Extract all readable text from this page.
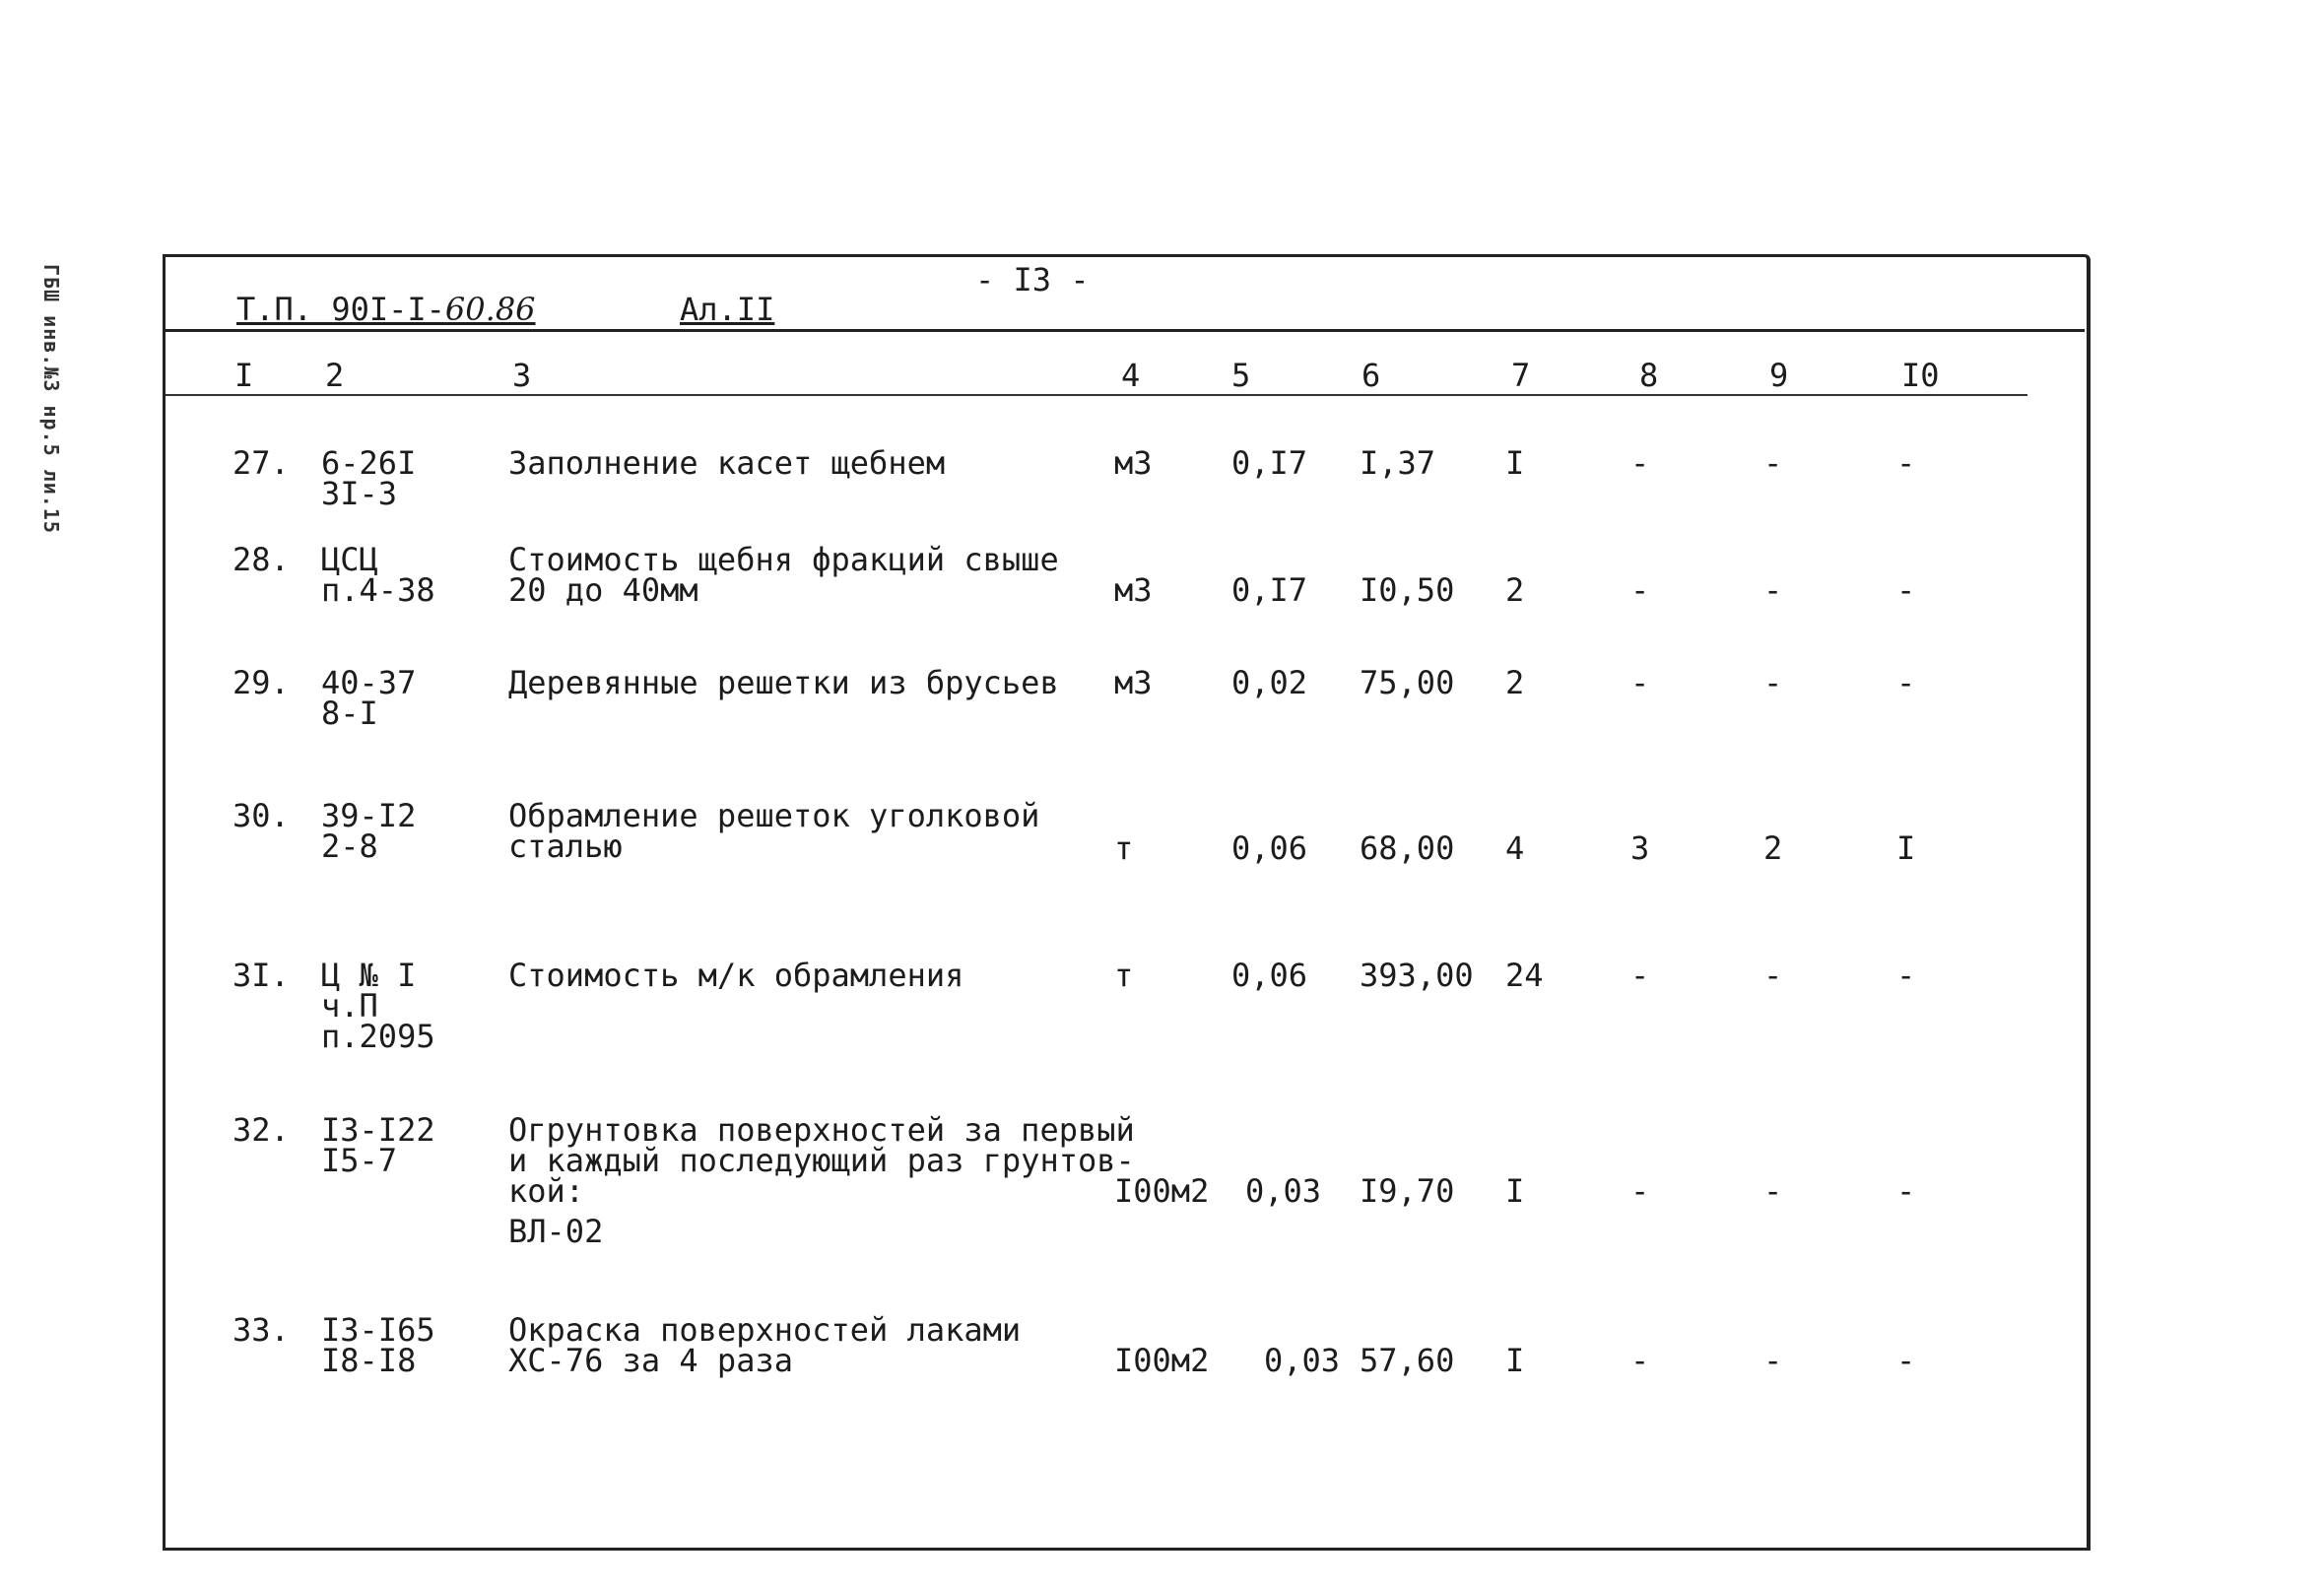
ГБШ инв.№3 нр.5 ли.15	- I3 -
Т.П. 90I-I-60.86	Ал.II
I 2	3	4	5	6	7	8	9	I0
27. 6-26I
3I-3
Заполнение касет щебнем	м3	0,I7 I,37 I	-	-	-
28. ЦСЦ
п.4-38
Стоимость щебня фракций свыше
20 до 40мм	м3	0,I7 I0,50 2	-	-	-
29. 40-37
8-I
Деревянные решетки из брусьев м3	0,02 75,00 2	-	-	-
30. 39-I2
2-8
Обрамление решеток уголковой
сталью	т	0,06 68,00 4	3	2	I
3I. Ц № I
ч.П
п.2095
Стоимость м/к обрамления	т	0,06 393,00 24	-	-	-
32. I3-I22
I5-7
Огрунтовка поверхностей за первый
и каждый последующий раз грунтов-
кой:
ВЛ-02
I00м2 0,03 I9,70 I	-	-	-
33. I3-I65
I8-I8
Окраска поверхностей лаками
ХС-76 за 4 раза	I00м2 0,03 57,60 I	-	-	-
